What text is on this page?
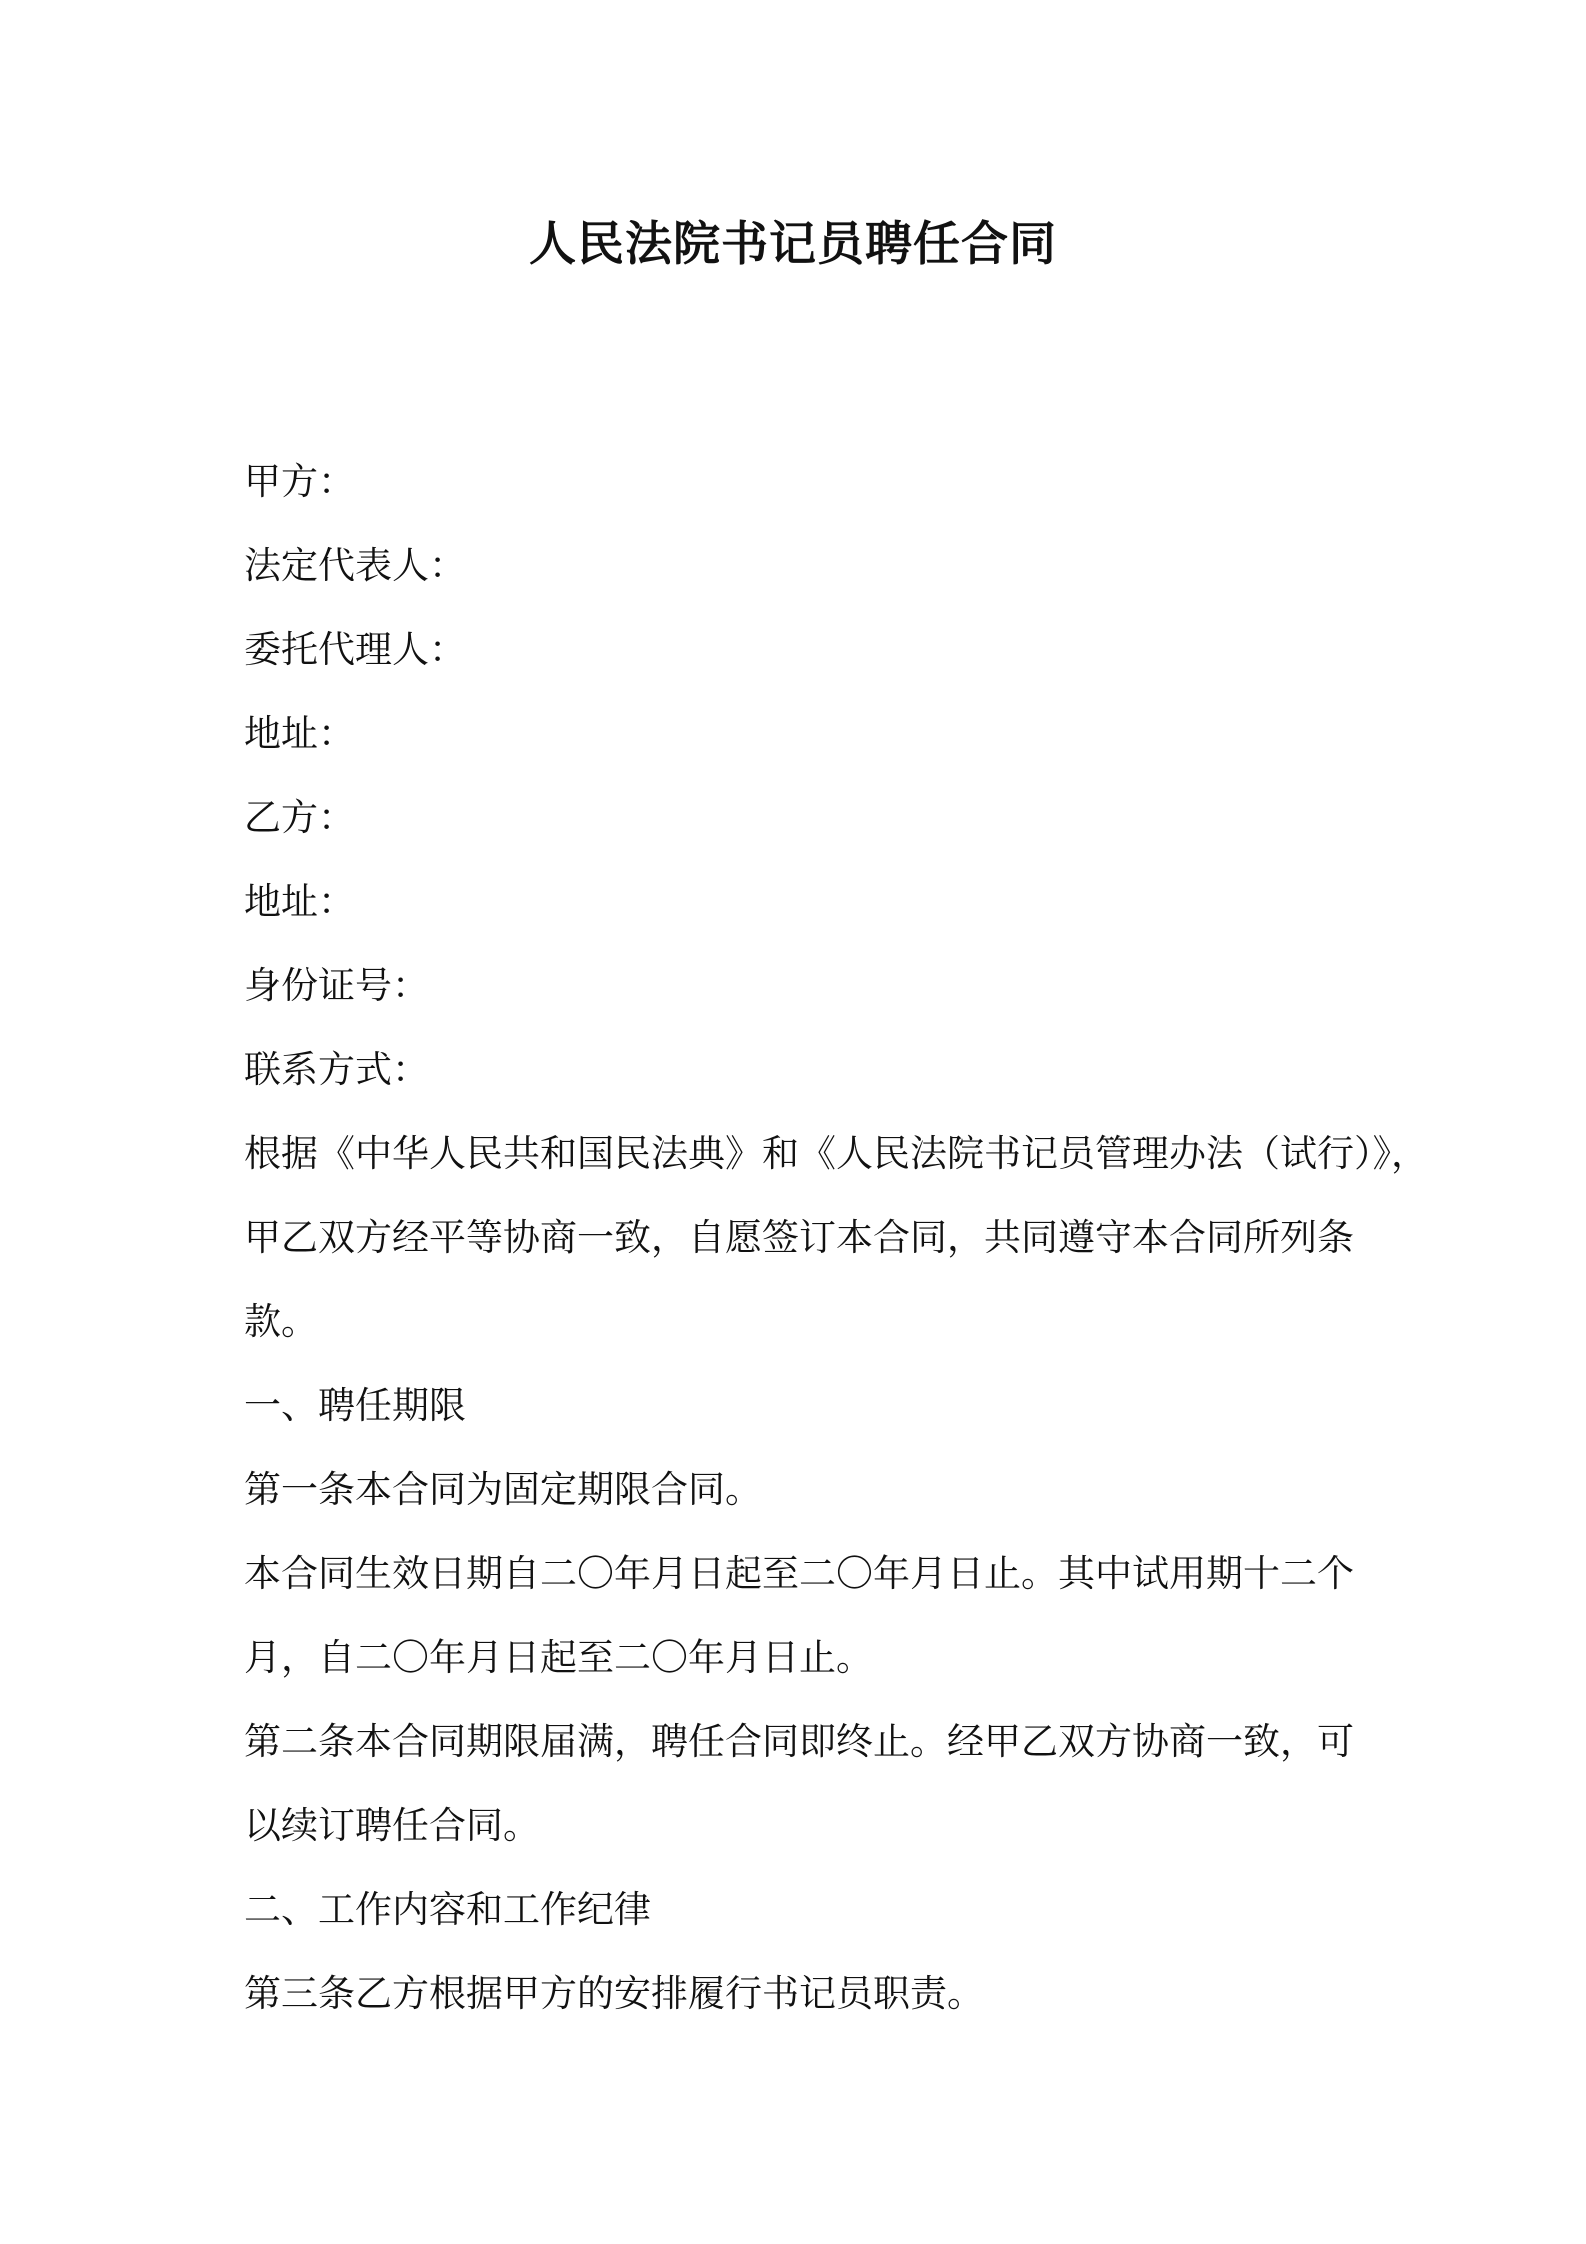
人民法院书记员聘任合同
甲方：
法定代表人：
委托代理人：
地址：
乙方：
地址：
身份证号：
联系方式：
根据《中华人民共和国民法典》和《人民法院书记员管理办法（试行）》，
甲乙双方经平等协商一致，自愿签订本合同，共同遵守本合同所列条
款。
一、聘任期限
第一条本合同为固定期限合同。
本合同生效日期自二〇年月日起至二〇年月日止。其中试用期十二个
月，自二〇年月日起至二〇年月日止。
第二条本合同期限届满，聘任合同即终止。经甲乙双方协商一致，可
以续订聘任合同。
二、工作内容和工作纪律
第三条乙方根据甲方的安排履行书记员职责。
